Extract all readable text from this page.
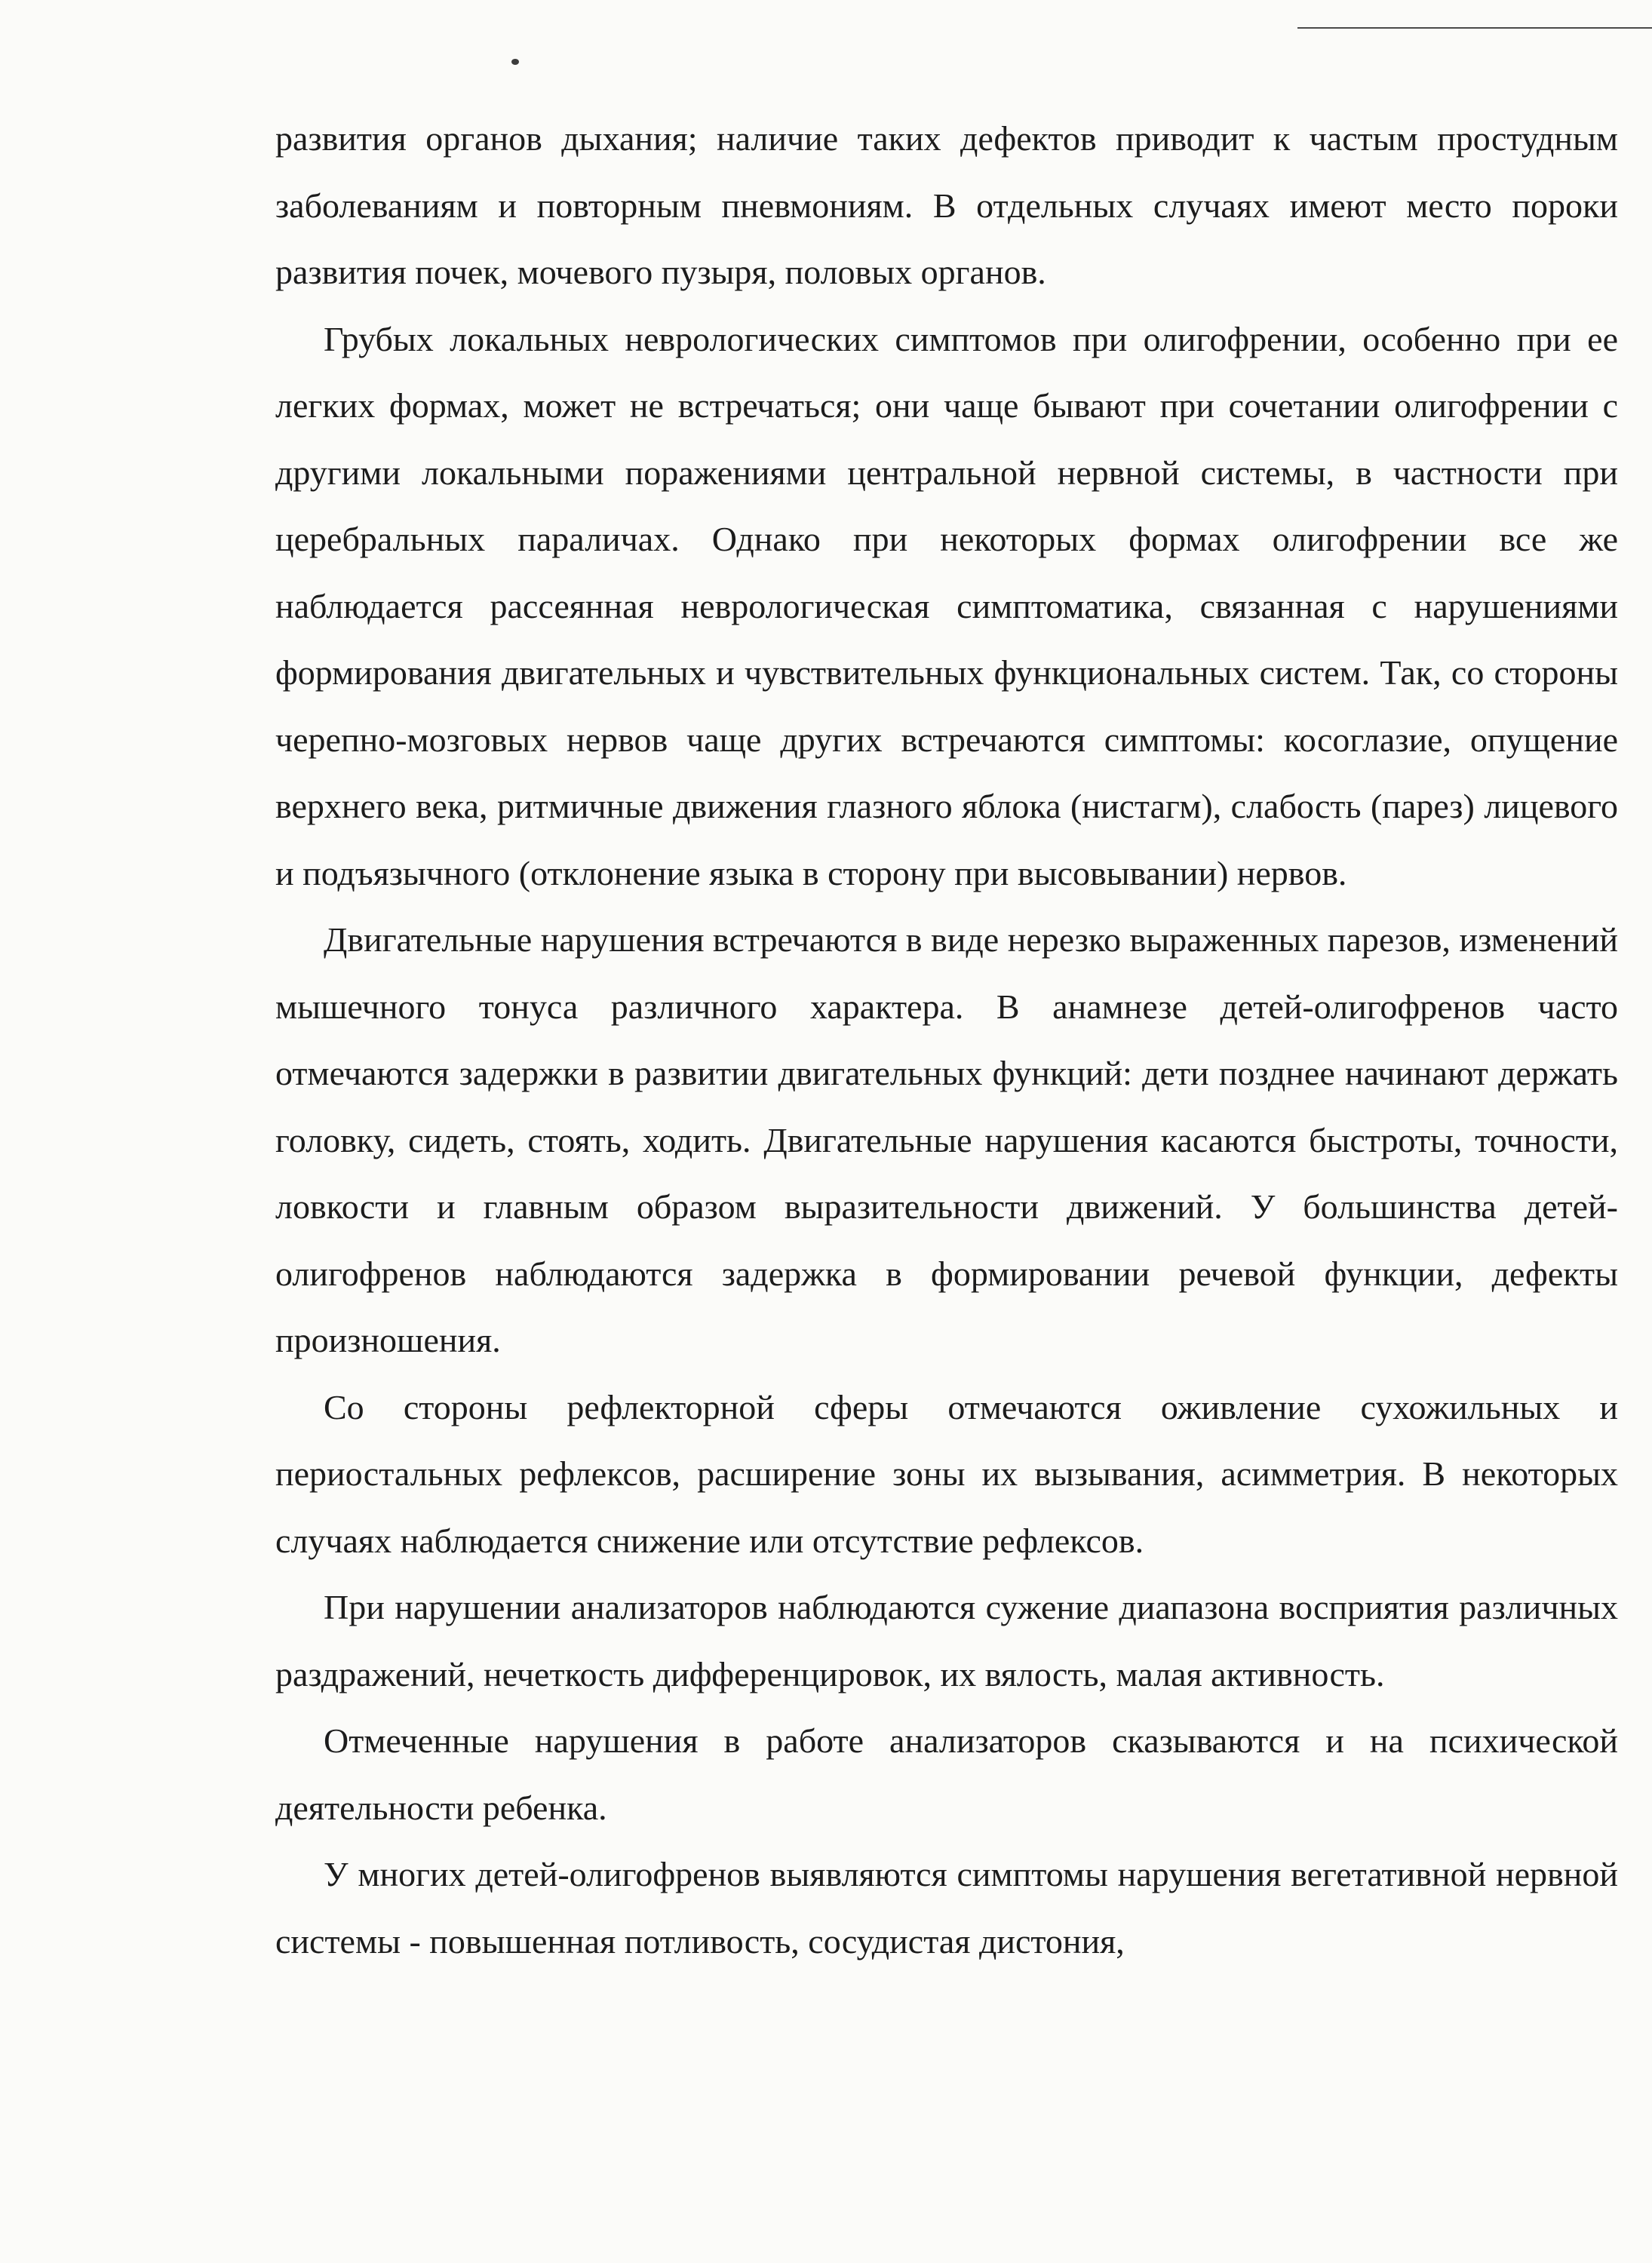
развития органов дыхания; наличие таких дефектов приводит к частым простудным заболеваниям и повторным пневмониям. В отдельных случаях имеют место пороки развития почек, мочевого пузыря, половых органов.

Грубых локальных неврологических симптомов при олигофрении, особенно при ее легких формах, может не встречаться; они чаще бывают при сочетании олигофрении с другими локальными поражениями центральной нервной системы, в частности при церебральных параличах. Однако при некоторых формах олигофрении все же наблюдается рассеянная неврологическая симптоматика, связанная с нарушениями формирования двигательных и чувствительных функциональных систем. Так, со стороны черепно-мозговых нервов чаще других встречаются симптомы: косоглазие, опущение верхнего века, ритмичные движения глазного яблока (нистагм), слабость (парез) лицевого и подъязычного (отклонение языка в сторону при высовывании) нервов.

Двигательные нарушения встречаются в виде нерезко выраженных парезов, изменений мышечного тонуса различного характера. В анамнезе детей-олигофренов часто отмечаются задержки в развитии двигательных функций: дети позднее начинают держать головку, сидеть, стоять, ходить. Двигательные нарушения касаются быстроты, точности, ловкости и главным образом выразительности движений. У большинства детей-олигофренов наблюдаются задержка в формировании речевой функции, дефекты произношения.

Со стороны рефлекторной сферы отмечаются оживление сухожильных и периостальных рефлексов, расширение зоны их вызывания, асимметрия. В некоторых случаях наблюдается снижение или отсутствие рефлексов.

При нарушении анализаторов наблюдаются сужение диапазона восприятия различных раздражений, нечеткость дифференцировок, их вялость, малая активность.

Отмеченные нарушения в работе анализаторов сказываются и на психической деятельности ребенка.

У многих детей-олигофренов выявляются симптомы нарушения вегетативной нервной системы - повышенная потливость, сосудистая дистония,
